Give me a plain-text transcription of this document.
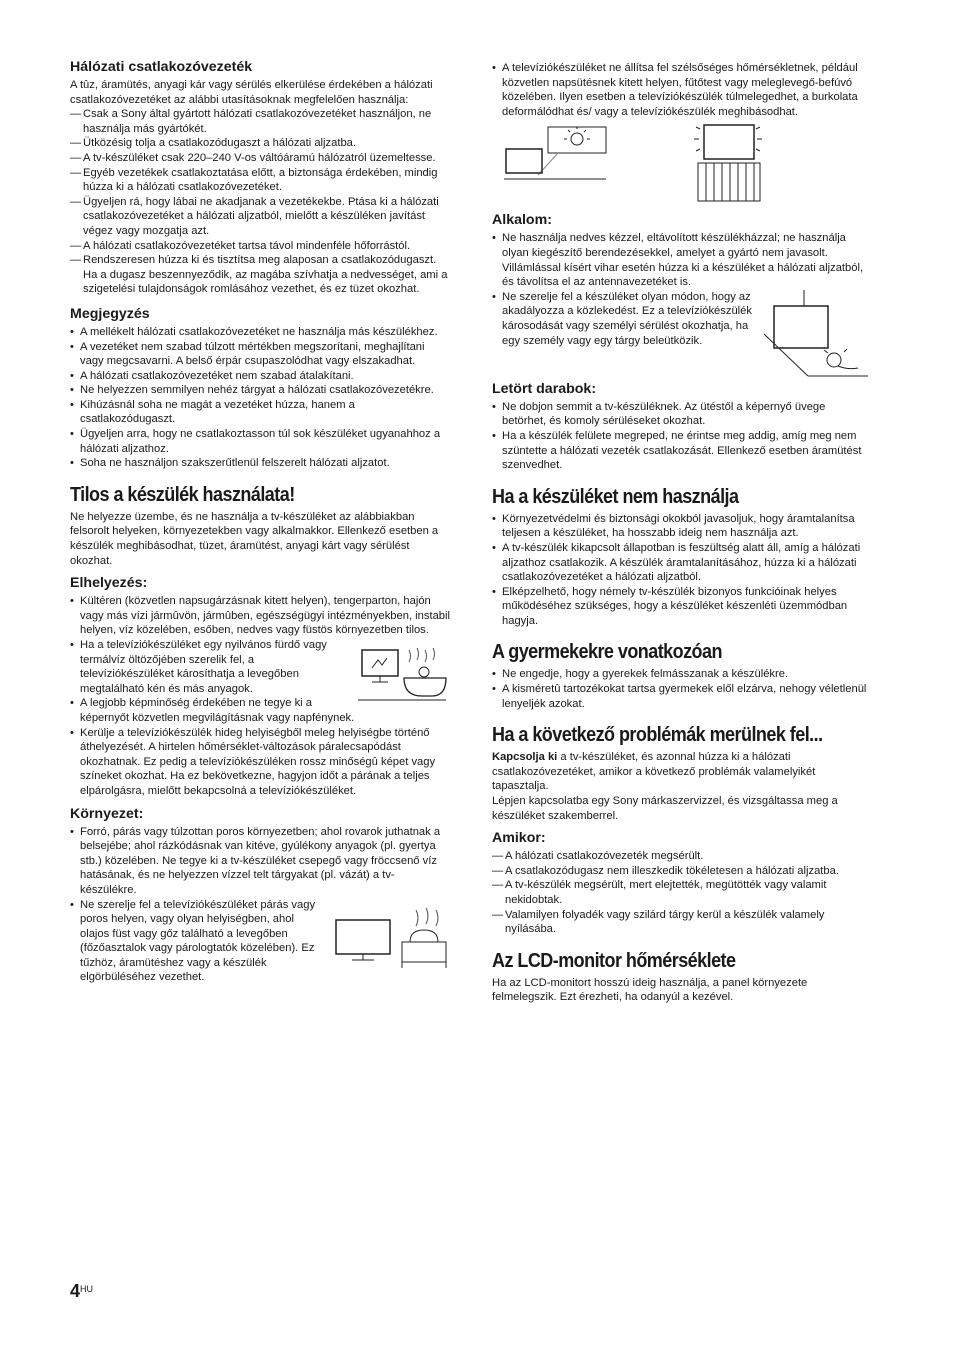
Hálózati csatlakozóvezeték

A tûz, áramütés, anyagi kár vagy sérülés elkerülése érdekében a hálózati csatlakozóvezetéket az alábbi utasításoknak megfelelően használja:

— Csak a Sony által gyártott hálózati csatlakozóvezetéket használjon, ne használja más gyártókét.
— Ütközésig tolja a csatlakozódugaszt a hálózati aljzatba.
— A tv-készüléket csak 220–240 V-os váltóáramú hálózatról üzemeltesse.
— Egyéb vezetékek csatlakoztatása előtt, a biztonsága érdekében, mindig húzza ki a hálózati csatlakozóvezetéket.
— Ügyeljen rá, hogy lábai ne akadjanak a vezetékekbe. Ptása ki a hálózati csatlakozóvezetéket a hálózati aljzatból, mielőtt a készüléken javítást végez vagy mozgatja azt.
— A hálózati csatlakozóvezetéket tartsa távol mindenféle hőforrástól.
— Rendszeresen húzza ki és tisztítsa meg alaposan a csatlakozódugaszt. Ha a dugasz beszennyeződik, az magába szívhatja a nedvességet, ami a szigetelési tulajdonságok romlásához vezethet, és ez tüzet okozhat.
Megjegyzés
• A mellékelt hálózati csatlakozóvezetéket ne használja más készülékhez.
• A vezetéket nem szabad túlzott mértékben megszorítani, meghajlítani vagy megcsavarni. A belső érpár csupaszolódhat vagy elszakadhat.
• A hálózati csatlakozóvezetéket nem szabad átalakítani.
• Ne helyezzen semmilyen nehéz tárgyat a hálózati csatlakozóvezetékre.
• Kihúzásnál soha ne magát a vezetéket húzza, hanem a csatlakozódugaszt.
• Ügyeljen arra, hogy ne csatlakoztasson túl sok készüléket ugyanahhoz a hálózati aljzathoz.
• Soha ne használjon szakszerűtlenül felszerelt hálózati aljzatot.
Tilos a készülék használata!

Ne helyezze üzembe, és ne használja a tv-készüléket az alábbiakban felsorolt helyeken, környezetekben vagy alkalmakkor. Ellenkező esetben a készülék meghibásodhat, tüzet, áramütést, anyagi kárt vagy sérülést okozhat.

Elhelyezés:
• Kültéren (közvetlen napsugárzásnak kitett helyen), tengerparton, hajón vagy más vízi jármûvön, jármûben, egészségügyi intézményekben, instabil helyen, víz közelében, esőben, nedves vagy füstös környezetben tilos.
• Ha a televíziókészüléket egy nyilvános fürdő vagy termálvíz öltözőjében szerelik fel, a televíziókészüléket károsíthatja a levegőben megtalálható kén és más anyagok.
• A legjobb képminőség érdekében ne tegye ki a képernyőt közvetlen megvilágításnak vagy napfénynek.
• Kerülje a televíziókészülék hideg helyiségből meleg helyiségbe történő áthelyezését. A hirtelen hőmérséklet-változások páralecsapódást okozhatnak. Ez pedig a televíziókészüléken rossz minőségû képet vagy színeket okozhat. Ha ez bekövetkezne, hagyjon időt a párának a teljes elpárolgásra, mielőtt bekapcsolná a televíziókészüléket.
Környezet:
• Forró, párás vagy túlzottan poros környezetben; ahol rovarok juthatnak a belsejébe; ahol rázkódásnak van kitéve, gyúlékony anyagok (pl. gyertya stb.) közelében. Ne tegye ki a tv-készüléket csepegő vagy fröccsenő víz hatásának, és ne helyezzen vízzel telt tárgyakat (pl. vázát) a tv-készülékre.
• Ne szerelje fel a televíziókészüléket párás vagy poros helyen, vagy olyan helyiségben, ahol olajos füst vagy gőz található a levegőben (főzőasztalok vagy párologtatók közelében). Ez tűzhöz, áramütéshez vagy a készülék elgörbüléséhez vezethet.
• A televíziókészüléket ne állítsa fel szélsőséges hőmérsékletnek, például közvetlen napsütésnek kitett helyen, fűtőtest vagy meleglevegő-befúvó közelében. Ilyen esetben a televíziókészülék túlmelegedhet, a burkolata deformálódhat és/ vagy a televíziókészülék meghibásodhat.
Alkalom:
• Ne használja nedves kézzel, eltávolított készülékházzal; ne használja olyan kiegészítő berendezésekkel, amelyet a gyártó nem javasolt. Villámlással kísért vihar esetén húzza ki a készüléket a hálózati aljzatból, és távolítsa el az antennavezetéket is.
• Ne szerelje fel a készüléket olyan módon, hogy az akadályozza a közlekedést. Ez a televíziókészülék károsodását vagy személyi sérülést okozhatja, ha egy személy vagy egy tárgy beleütközik.
Letört darabok:
• Ne dobjon semmit a tv-készüléknek. Az ütéstől a képernyő üvege betörhet, és komoly sérüléseket okozhat.
• Ha a készülék felülete megreped, ne érintse meg addig, amíg meg nem szüntette a hálózati vezeték csatlakozását. Ellenkező esetben áramütést szenvedhet.
Ha a készüléket nem használja
• Környezetvédelmi és biztonsági okokból javasoljuk, hogy áramtalanítsa teljesen a készüléket, ha hosszabb ideig nem használja azt.
• A tv-készülék kikapcsolt állapotban is feszültség alatt áll, amíg a hálózati aljzathoz csatlakozik. A készülék áramtalanításához, húzza ki a hálózati csatlakozóvezetéket a hálózati aljzatból.
• Elképzelhető, hogy némely tv-készülék bizonyos funkcióinak helyes működéséhez szükséges, hogy a készüléket készenléti üzemmódban hagyja.
A gyermekekre vonatkozóan
• Ne engedje, hogy a gyerekek felmásszanak a készülékre.
• A kisméretû tartozékokat tartsa gyermekek elől elzárva, nehogy véletlenül lenyeljék azokat.
Ha a következő problémák merülnek fel...

Kapcsolja ki a tv-készüléket, és azonnal húzza ki a hálózati csatlakozóvezetéket, amikor a következő problémák valamelyikét tapasztalja.

Lépjen kapcsolatba egy Sony márkaszervizzel, és vizsgáltassa meg a készüléket szakemberrel.

Amikor:
— A hálózati csatlakozóvezeték megsérült.
— A csatlakozódugasz nem illeszkedik tökéletesen a hálózati aljzatba.
— A tv-készülék megsérült, mert elejtették, megütötték vagy valamit nekidobtak.
— Valamilyen folyadék vagy szilárd tárgy kerül a készülék valamely nyílásába.
Az LCD-monitor hőmérséklete

Ha az LCD-monitort hosszú ideig használja, a panel környezete felmelegszik. Ezt érezheti, ha odanyúl a kezével.

$4^{HU}$
